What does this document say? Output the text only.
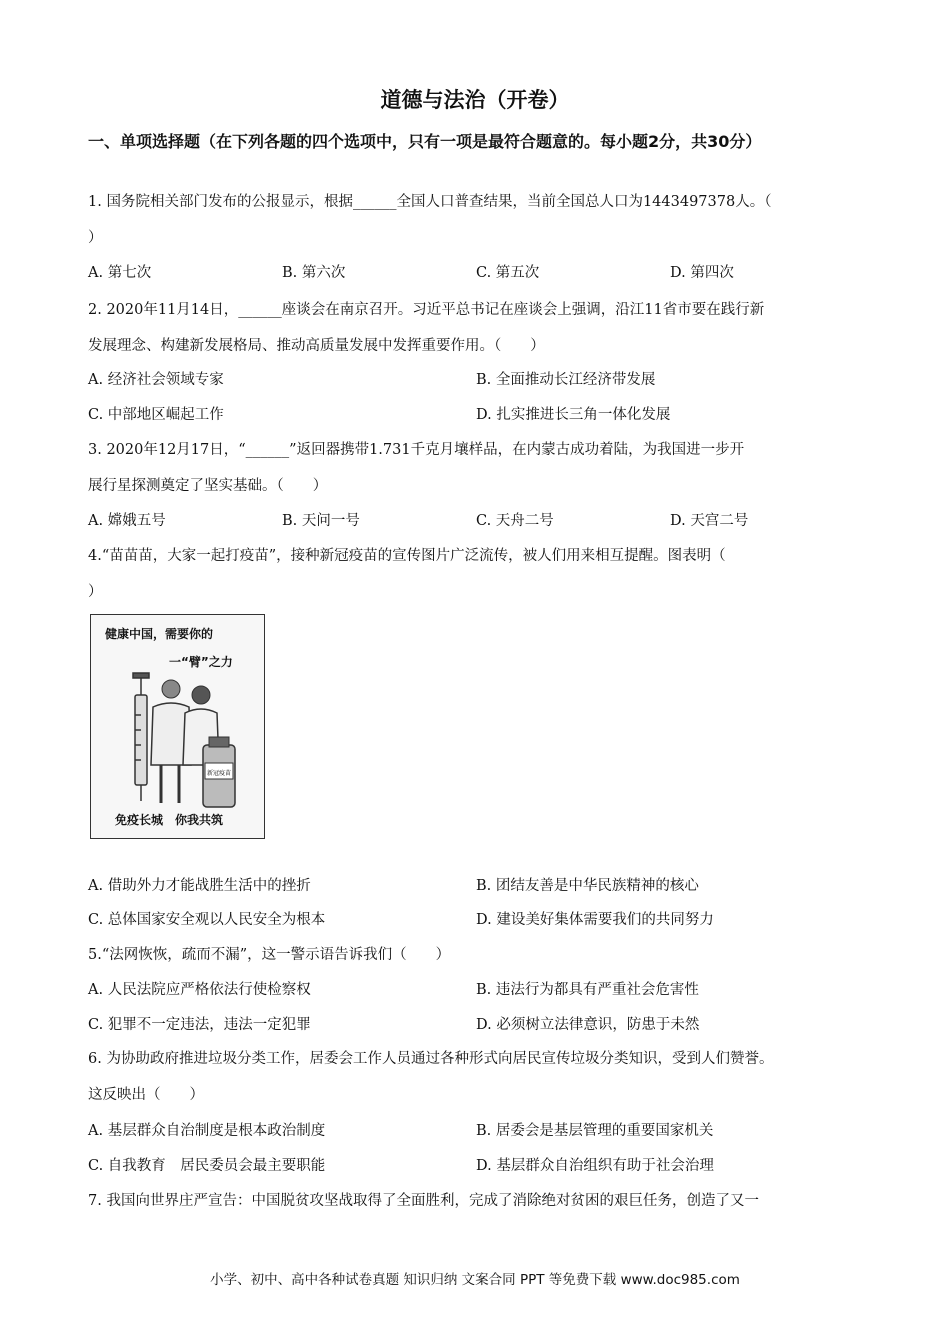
道德与法治（开卷）
一、单项选择题（在下列各题的四个选项中，只有一项是最符合题意的。每小题2分，共30分）
1. 国务院相关部门发布的公报显示，根据______全国人口普查结果，当前全国总人口为1443497378人。（
）
A. 第七次	B. 第六次	C. 第五次	D. 第四次
2. 2020年11月14日，______座谈会在南京召开。习近平总书记在座谈会上强调，沿江11省市要在践行新
发展理念、构建新发展格局、推动高质量发展中发挥重要作用。（　　）
A. 经济社会领域专家	B. 全面推动长江经济带发展
C. 中部地区崛起工作	D. 扎实推进长三角一体化发展
3. 2020年12月17日，“______”返回器携带1.731千克月壤样品，在内蒙古成功着陆，为我国进一步开
展行星探测奠定了坚实基础。（　　）
A. 嫦娥五号	B. 天问一号	C. 天舟二号	D. 天宫二号
4.“苗苗苗，大家一起打疫苗”，接种新冠疫苗的宣传图片广泛流传，被人们用来相互提醒。图表明（
）
新冠疫苗
健康中国，需要你的
一“臂”之力
免疫长城　你我共筑
A. 借助外力才能战胜生活中的挫折	B. 团结友善是中华民族精神的核心
C. 总体国家安全观以人民安全为根本	D. 建设美好集体需要我们的共同努力
5.“法网恢恢，疏而不漏”，这一警示语告诉我们（　　）
A. 人民法院应严格依法行使检察权	B. 违法行为都具有严重社会危害性
C. 犯罪不一定违法，违法一定犯罪	D. 必须树立法律意识，防患于未然
6. 为协助政府推进垃圾分类工作，居委会工作人员通过各种形式向居民宣传垃圾分类知识，受到人们赞誉。
这反映出（　　）
A. 基层群众自治制度是根本政治制度	B. 居委会是基层管理的重要国家机关
C. 自我教育　居民委员会最主要职能	D. 基层群众自治组织有助于社会治理
7. 我国向世界庄严宣告：中国脱贫攻坚战取得了全面胜利，完成了消除绝对贫困的艰巨任务，创造了又一
小学、初中、高中各种试卷真题 知识归纳 文案合同 PPT 等免费下载 www.doc985.com
